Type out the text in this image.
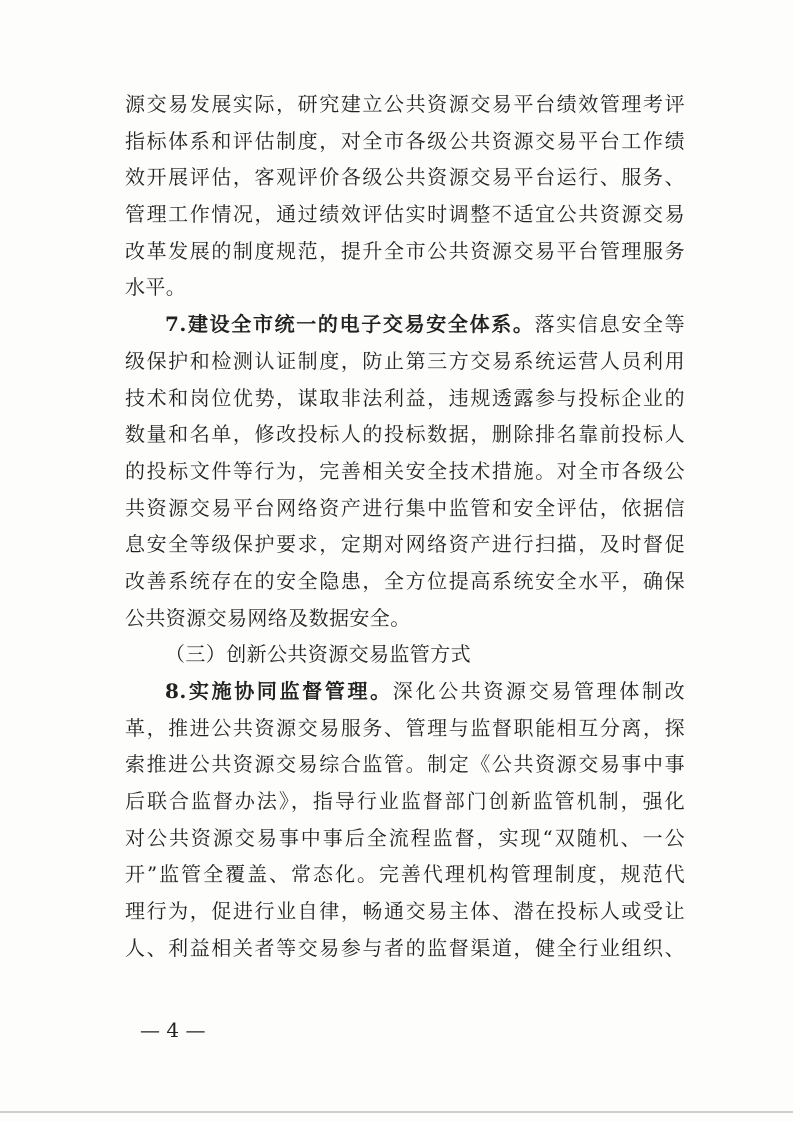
源交易发展实际，研究建立公共资源交易平台绩效管理考评
指标体系和评估制度，对全市各级公共资源交易平台工作绩
效开展评估，客观评价各级公共资源交易平台运行、服务、
管理工作情况，通过绩效评估实时调整不适宜公共资源交易
改革发展的制度规范，提升全市公共资源交易平台管理服务
水平。
7.建设全市统一的电子交易安全体系。落实信息安全等
级保护和检测认证制度，防止第三方交易系统运营人员利用
技术和岗位优势，谋取非法利益，违规透露参与投标企业的
数量和名单，修改投标人的投标数据，删除排名靠前投标人
的投标文件等行为，完善相关安全技术措施。对全市各级公
共资源交易平台网络资产进行集中监管和安全评估，依据信
息安全等级保护要求，定期对网络资产进行扫描，及时督促
改善系统存在的安全隐患，全方位提高系统安全水平，确保
公共资源交易网络及数据安全。
（三）创新公共资源交易监管方式
8.实施协同监督管理。深化公共资源交易管理体制改
革，推进公共资源交易服务、管理与监督职能相互分离，探
索推进公共资源交易综合监管。制定《公共资源交易事中事
后联合监督办法》，指导行业监督部门创新监管机制，强化
对公共资源交易事中事后全流程监督，实现“双随机、一公
开”监管全覆盖、常态化。完善代理机构管理制度，规范代
理行为，促进行业自律，畅通交易主体、潜在投标人或受让
人、利益相关者等交易参与者的监督渠道，健全行业组织、
— 4 —
